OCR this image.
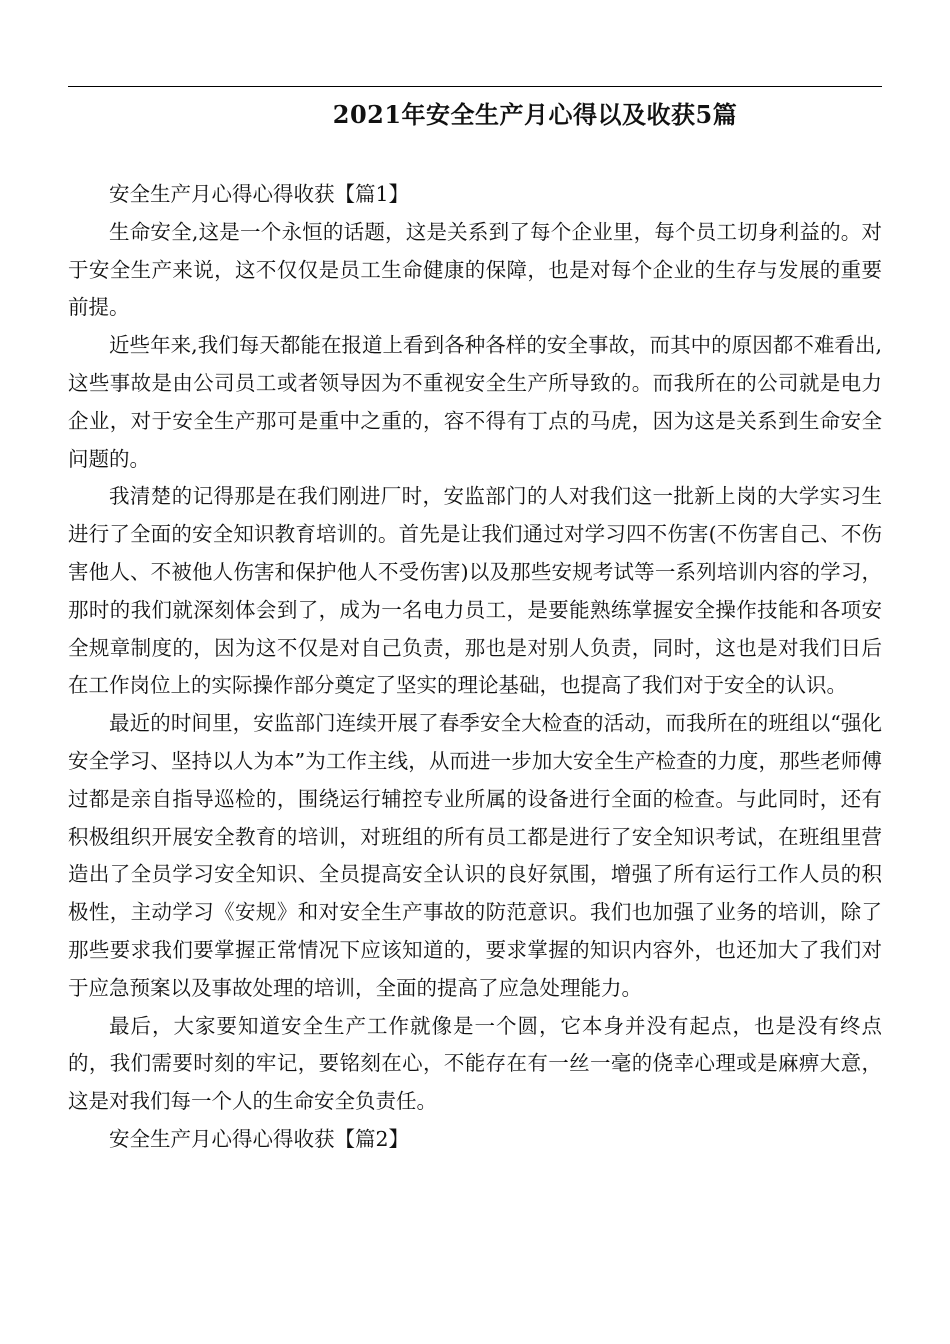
2021年安全生产月心得以及收获5篇

安全生产月心得心得收获【篇1】

生命安全,这是一个永恒的话题，这是关系到了每个企业里，每个员工切身利益的。对于安全生产来说，这不仅仅是员工生命健康的保障，也是对每个企业的生存与发展的重要前提。

近些年来,我们每天都能在报道上看到各种各样的安全事故，而其中的原因都不难看出,这些事故是由公司员工或者领导因为不重视安全生产所导致的。而我所在的公司就是电力企业，对于安全生产那可是重中之重的，容不得有丁点的马虎，因为这是关系到生命安全问题的。

我清楚的记得那是在我们刚进厂时，安监部门的人对我们这一批新上岗的大学实习生进行了全面的安全知识教育培训的。首先是让我们通过对学习四不伤害(不伤害自己、不伤害他人、不被他人伤害和保护他人不受伤害)以及那些安规考试等一系列培训内容的学习，那时的我们就深刻体会到了，成为一名电力员工，是要能熟练掌握安全操作技能和各项安全规章制度的，因为这不仅是对自己负责，那也是对别人负责，同时，这也是对我们日后在工作岗位上的实际操作部分奠定了坚实的理论基础，也提高了我们对于安全的认识。

最近的时间里，安监部门连续开展了春季安全大检查的活动，而我所在的班组以“强化安全学习、坚持以人为本”为工作主线，从而进一步加大安全生产检查的力度，那些老师傅过都是亲自指导巡检的，围绕运行辅控专业所属的设备进行全面的检查。与此同时，还有积极组织开展安全教育的培训，对班组的所有员工都是进行了安全知识考试，在班组里营造出了全员学习安全知识、全员提高安全认识的良好氛围，增强了所有运行工作人员的积极性，主动学习《安规》和对安全生产事故的防范意识。我们也加强了业务的培训，除了那些要求我们要掌握正常情况下应该知道的，要求掌握的知识内容外，也还加大了我们对于应急预案以及事故处理的培训，全面的提高了应急处理能力。

最后，大家要知道安全生产工作就像是一个圆，它本身并没有起点，也是没有终点的，我们需要时刻的牢记，要铭刻在心，不能存在有一丝一毫的侥幸心理或是麻痹大意，这是对我们每一个人的生命安全负责任。

安全生产月心得心得收获【篇2】
